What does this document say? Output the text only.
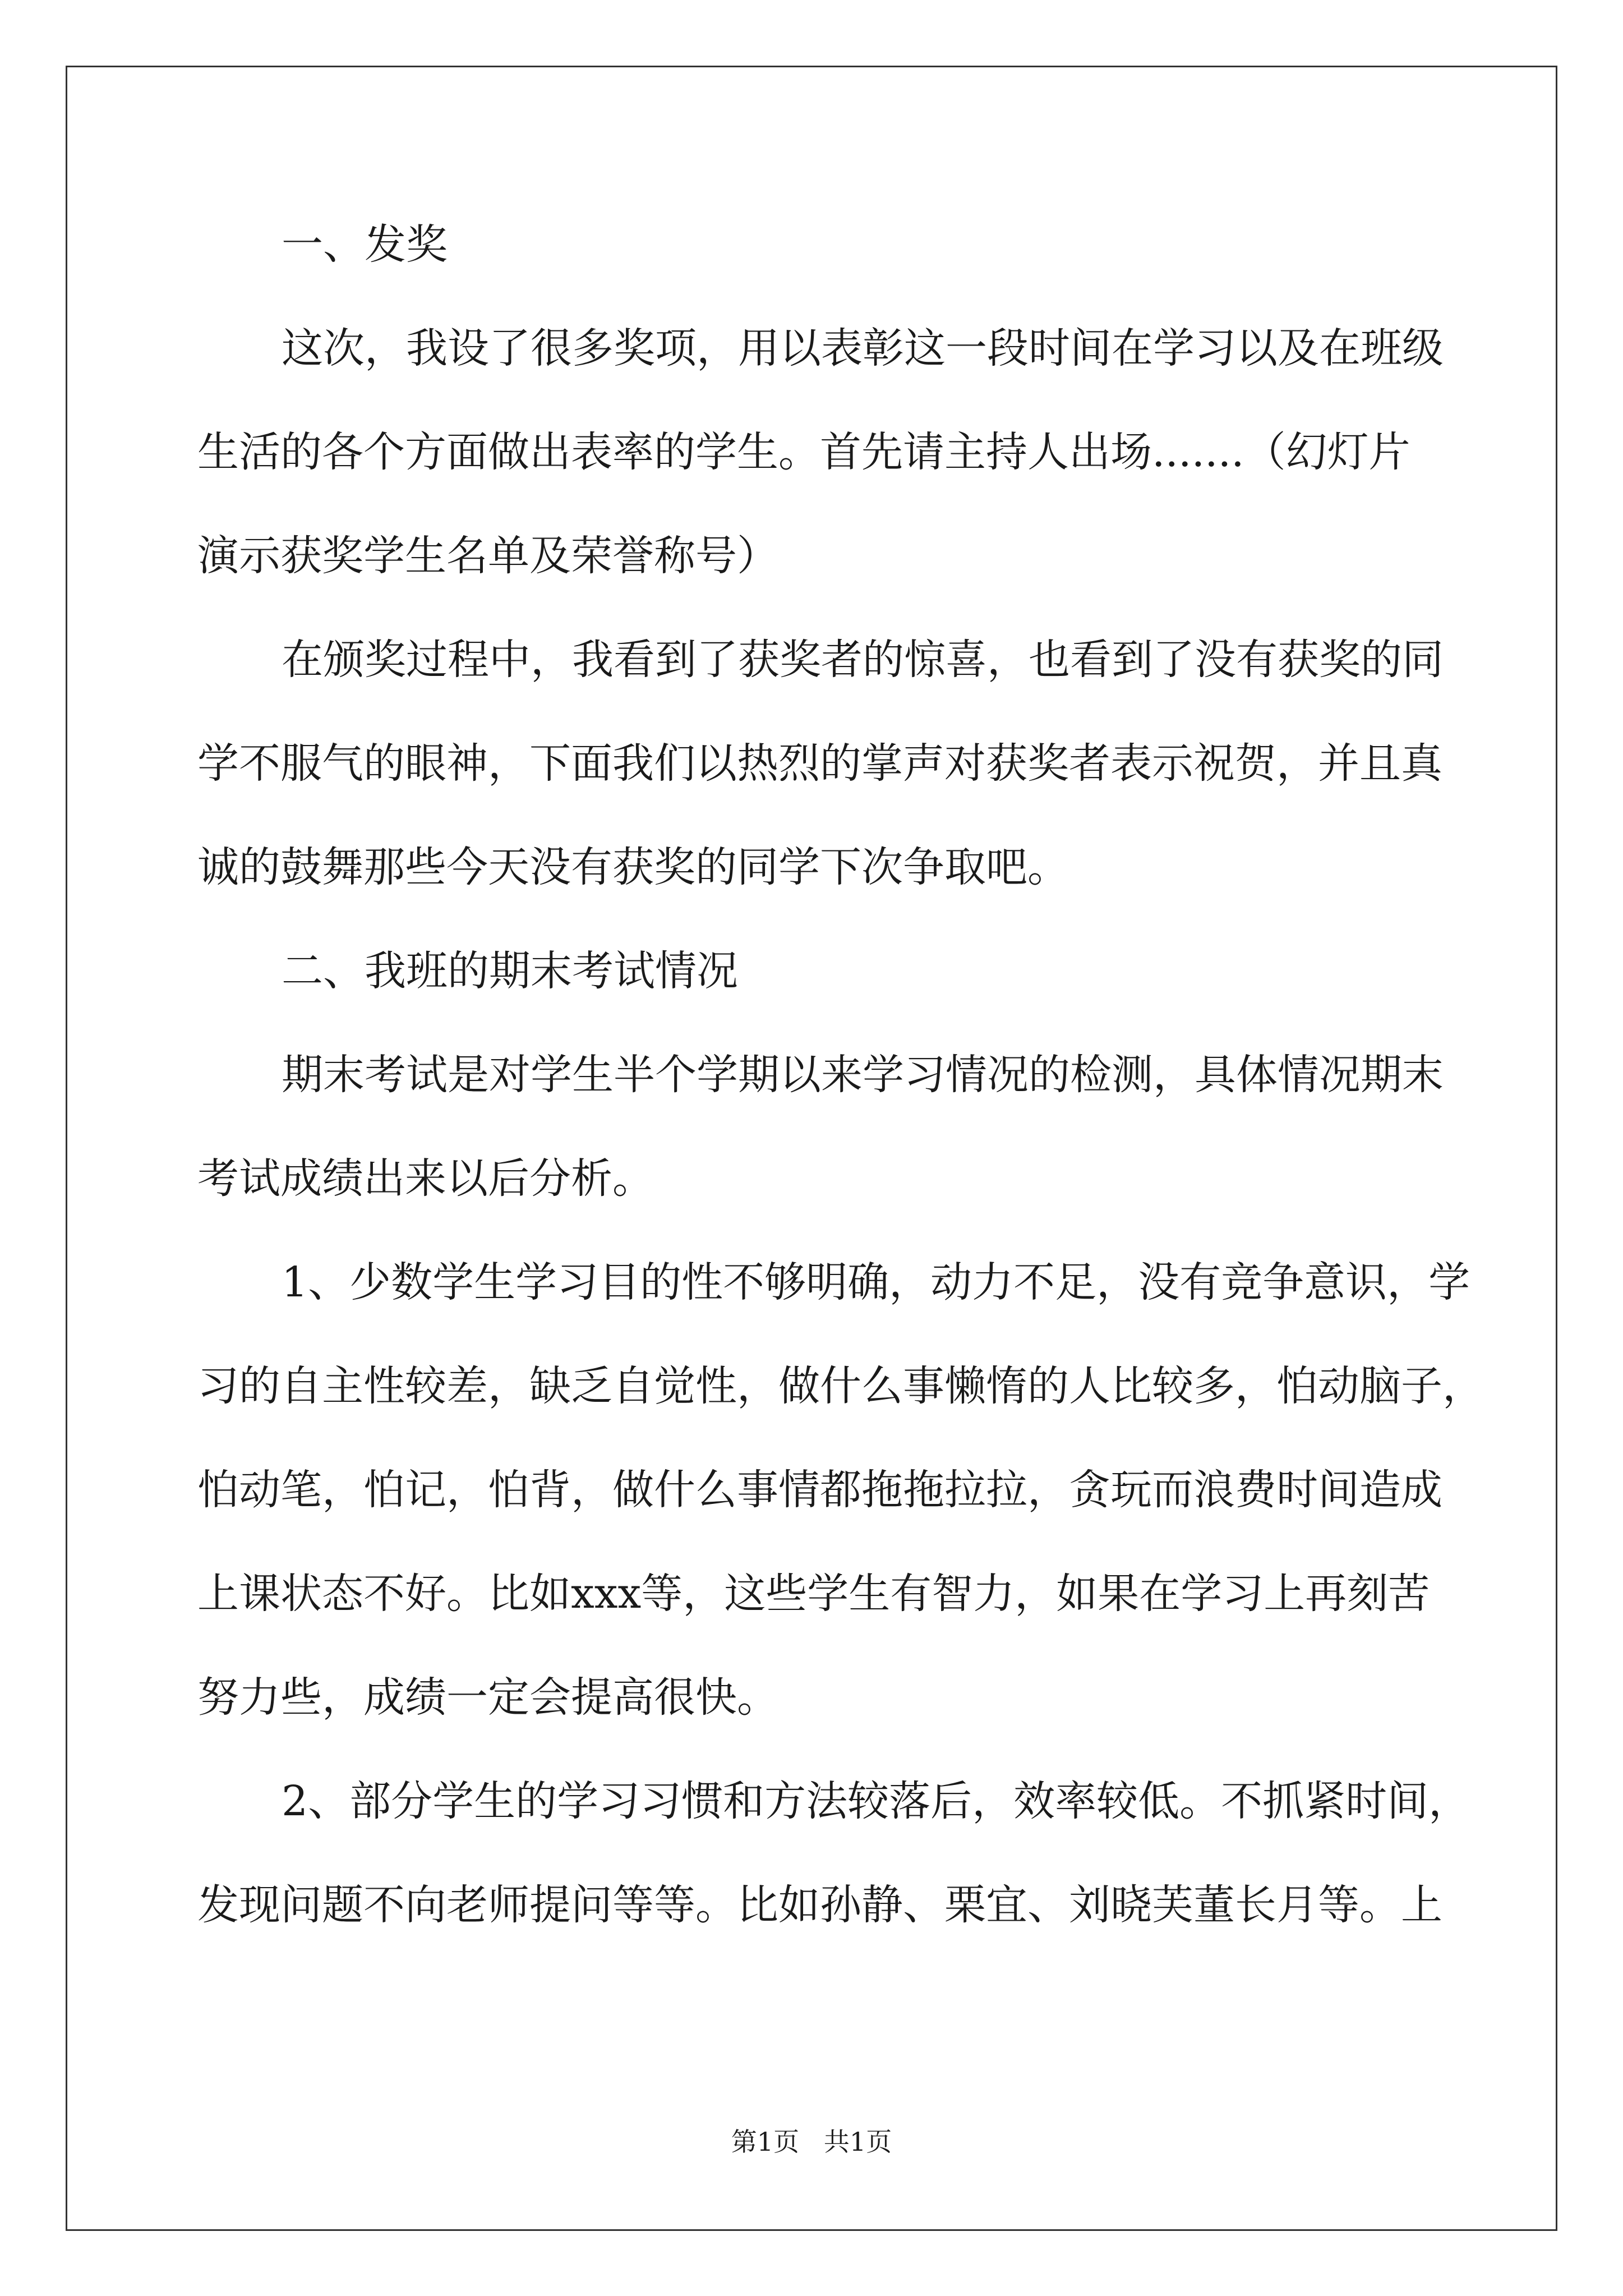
一、发奖

这次，我设了很多奖项，用以表彰这一段时间在学习以及在班级

生活的各个方面做出表率的学生。首先请主持人出场.......（幻灯片

演示获奖学生名单及荣誉称号）

在颁奖过程中，我看到了获奖者的惊喜，也看到了没有获奖的同

学不服气的眼神，下面我们以热烈的掌声对获奖者表示祝贺，并且真

诚的鼓舞那些今天没有获奖的同学下次争取吧。

二、我班的期末考试情况

期末考试是对学生半个学期以来学习情况的检测，具体情况期末

考试成绩出来以后分析。

1、少数学生学习目的性不够明确，动力不足，没有竞争意识，学

习的自主性较差，缺乏自觉性，做什么事懒惰的人比较多，怕动脑子，

怕动笔，怕记，怕背，做什么事情都拖拖拉拉，贪玩而浪费时间造成

上课状态不好。比如xxx等，这些学生有智力，如果在学习上再刻苦

努力些，成绩一定会提高很快。

2、部分学生的学习习惯和方法较落后，效率较低。不抓紧时间，

发现问题不向老师提问等等。比如孙静、栗宜、刘晓芙董长月等。上

第1页   共1页
